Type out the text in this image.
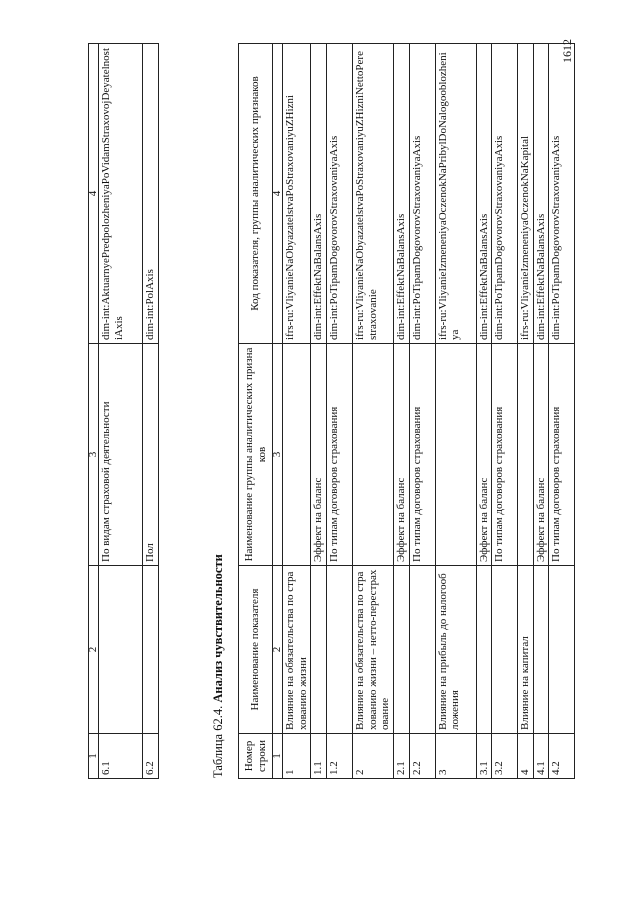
1	2	3	4
6.1		По видам страховой деятельности	dim-int:AktuarnyePredpolozheniyaPoVidamStraxovojDeyatelnostiAxis
6.2		Пол	dim-int:PolAxis
Таблица 62.4. Анализ чувствительности
Номер строки	Наименование показателя	Наименование группы аналитических признаков	Код показателя, группы аналитических признаков
1	2	3	4
1	Влияние на обязательства по страхованию жизни		ifrs-ru:VliyanieNaObyazatelstvaPoStraxovaniyuZHizni
1.1		Эффект на баланс	dim-int:EffektNaBalansAxis
1.2		По типам договоров страхования	dim-int:PoTipamDogovorovStraxovaniyaAxis
2	Влияние на обязательства по страхованию жизни – нетто-перестрахование		ifrs-ru:VliyanieNaObyazatelstvaPoStraxovaniyuZHizniNettoPerestraxovanie
2.1		Эффект на баланс	dim-int:EffektNaBalansAxis
2.2		По типам договоров страхования	dim-int:PoTipamDogovorovStraxovaniyaAxis
3	Влияние на прибыль до налогообложения		ifrs-ru:VliyanieIzmeneniyaOczenokNaPribylDoNalogooblozheniya
3.1		Эффект на баланс	dim-int:EffektNaBalansAxis
3.2		По типам договоров страхования	dim-int:PoTipamDogovorovStraxovaniyaAxis
4	Влияние на капитал		ifrs-ru:VliyanieIzmeneniyaOczenokNaKapital
4.1		Эффект на баланс	dim-int:EffektNaBalansAxis
4.2		По типам договоров страхования	dim-int:PoTipamDogovorovStraxovaniyaAxis
1612
